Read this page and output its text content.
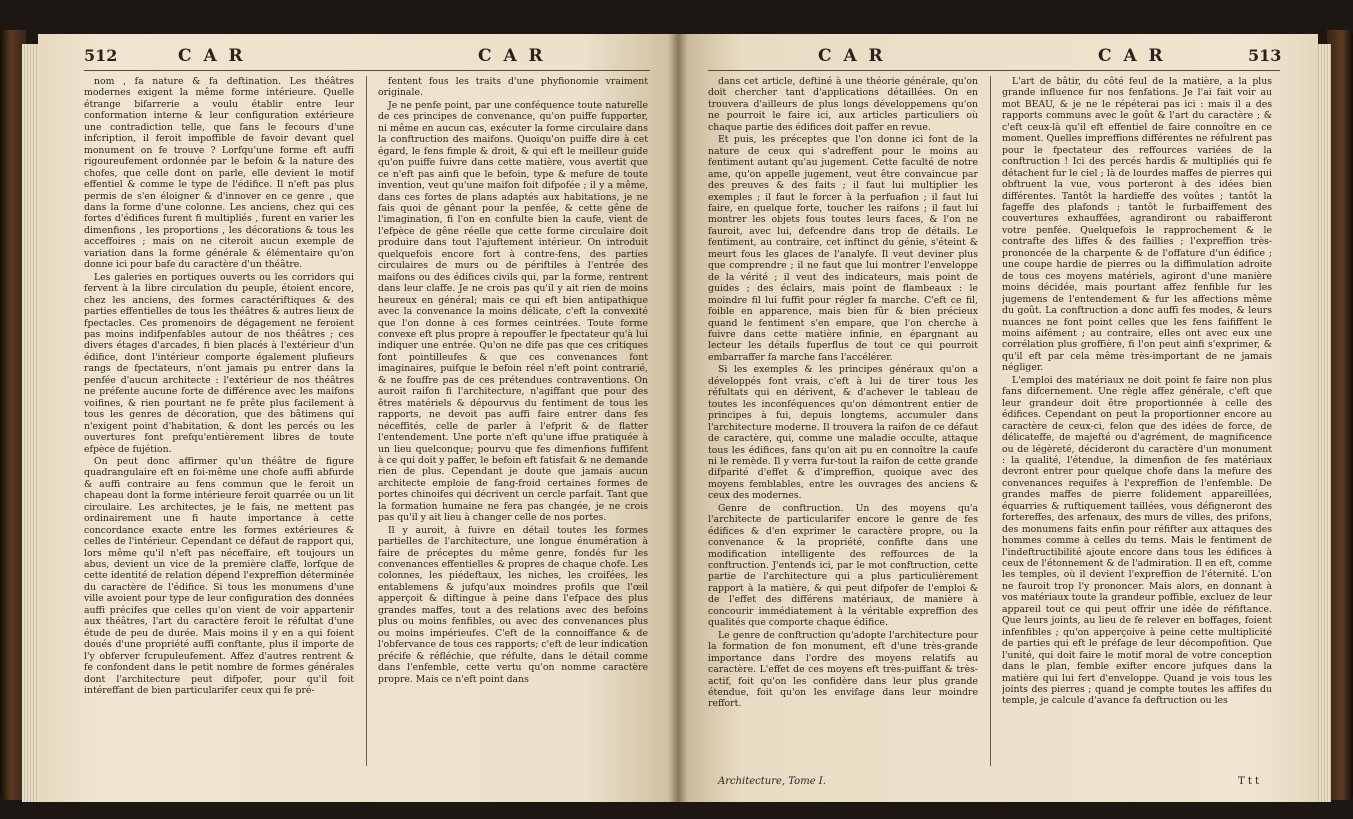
512	C A R	C A R

nom , fa nature & fa deftination. Les théâtres modernes exigent la même forme intérieure. Quelle étrange bifarrerie a voulu établir entre leur conformation interne & leur configuration extérieure une contradiction telle, que fans le fecours d'une infcription, il feroit impoffible de favoir devant quel monument on fe trouve ? Lorfqu'une forme eft auffi rigoureufement ordonnée par le befoin & la nature des chofes, que celle dont on parle, elle devient le motif effentiel & comme le type de l'édifice. Il n'eft pas plus permis de s'en éloigner & d'innover en ce genre , que dans la forme d'une colonne. Les anciens, chez qui ces fortes d'édifices furent fi multipliés , furent en varier les dimenfions , les proportions , les décorations & tous les acceffoires ; mais on ne citeroit aucun exemple de variation dans la forme générale & élémentaire qu'on donne ici pour bafe du caractère d'un théâtre.

Les galeries en portiques ouverts ou les corridors qui fervent à la libre circulation du peuple, étoient encore, chez les anciens, des formes caractériftiques & des parties effentielles de tous les théâtres & autres lieux de fpectacles. Ces promenoirs de dégagement ne feroient pas moins indifpenfables autour de nos théâtres ; ces divers étages d'arcades, fi bien placés à l'extérieur d'un édifice, dont l'intérieur comporte également plufieurs rangs de fpectateurs, n'ont jamais pu entrer dans la penfée d'aucun architecte : l'extérieur de nos théâtres ne préfente aucune forte de différence avec les maifons voifines, & rien pourtant ne fe prête plus facilement à tous les genres de décoration, que des bâtimens qui n'exigent point d'habitation, & dont les percés ou les ouvertures font prefqu'entièrement libres de toute efpèce de fujétion.

On peut donc affirmer qu'un théâtre de figure quadrangulaire eft en foi-même une chofe auffi abfurde & auffi contraire au fens commun que le feroit un chapeau dont la forme intérieure feroit quarrée ou un lit circulaire. Les architectes, je le fais, ne mettent pas ordinairement une fi haute importance à cette concordance exacte entre les formes extérieures & celles de l'intérieur. Cependant ce défaut de rapport qui, lors même qu'il n'eft pas néceffaire, eft toujours un abus, devient un vice de la première claffe, lorfque de cette identité de relation dépend l'expreffion déterminée du caractère de l'édifice. Si tous les monumens d'une ville avoient pour type de leur configuration des données auffi précifes que celles qu'on vient de voir appartenir aux théâtres, l'art du caractère feroit le réfultat d'une étude de peu de durée. Mais moins il y en a qui foient doués d'une propriété auffi conftante, plus il importe de l'y obferver fcrupuleufement. Affez d'autres rentrent & fe confondent dans le petit nombre de formes générales dont l'architecture peut difpofer, pour qu'il foit intéreffant de bien particularifer ceux qui fe pré-

fentent fous les traits d'une phyfionomie vraiment originale.

Je ne penfe point, par une conféquence toute naturelle de ces principes de convenance, qu'on puiffe fupporter, ni même en aucun cas, exécuter la forme circulaire dans la conftruction des maifons. Quoiqu'on puiffe dire à cet égard, le fens fimple & droit, & qui eft le meilleur guide qu'on puiffe fuivre dans cette matière, vous avertit que ce n'eft pas ainfi que le befoin, type & mefure de toute invention, veut qu'une maifon foit difpofée ; il y a même, dans ces fortes de plans adaptés aux habitations, je ne fais quoi de gênant pour la penfée, & cette gêne de l'imagination, fi l'on en confulte bien la caufe, vient de l'efpèce de gêne réelle que cette forme circulaire doit produire dans tout l'ajuftement intérieur. On introduit quelquefois encore fort à contre-fens, des parties circulaires de murs ou de périftiles à l'entrée des maifons ou des édifices civils qui, par la forme, rentrent dans leur claffe. Je ne crois pas qu'il y ait rien de moins heureux en général; mais ce qui eft bien antipathique avec la convenance la moins délicate, c'eft la convexité que l'on donne à ces formes ceintrées. Toute forme convexe eft plus propre à repouffer le fpectateur qu'à lui indiquer une entrée. Qu'on ne dife pas que ces critiques font pointilleufes & que ces convenances font imaginaires, puifque le befoin réel n'eft point contrarié, & ne fouffre pas de ces prétendues contraventions. On auroit raifon fi l'architecture, n'agiffant que pour des êtres matériels & dépourvus du fentiment de tous les rapports, ne devoit pas auffi faire entrer dans fes néceffités, celle de parler à l'efprit & de flatter l'entendement. Une porte n'eft qu'une iffue pratiquée à un lieu quelconque; pourvu que fes dimenfions fuffifent à ce qui doit y paffer, le befoin eft fatisfait & ne demande rien de plus. Cependant je doute que jamais aucun architecte emploie de fang-froid certaines formes de portes chinoifes qui décrivent un cercle parfait. Tant que la formation humaine ne fera pas changée, je ne crois pas qu'il y ait lieu à changer celle de nos portes.

Il y auroit, à fuivre en détail toutes les formes partielles de l'architecture, une longue énumération à faire de préceptes du même genre, fondés fur les convenances effentielles & propres de chaque chofe. Les colonnes, les piédeftaux, les niches, les croifées, les entablemens & jufqu'aux moindres profils que l'œil apperçoit & diftingue à peine dans l'efpace des plus grandes maffes, tout a des relations avec des befoins plus ou moins fenfibles, ou avec des convenances plus ou moins impérieufes. C'eft de la connoiffance & de l'obfervance de tous ces rapports; c'eft de leur indication précife & réfléchie, que réfulte, dans le détail comme dans l'enfemble, cette vertu qu'on nomme caractère propre. Mais ce n'eft point dans

C A R	C A R	513

dans cet article, deftiné à une théorie générale, qu'on doit chercher tant d'applications détaillées. On en trouvera d'ailleurs de plus longs développemens qu'on ne pourroit le faire ici, aux articles particuliers où chaque partie des édifices doit paffer en revue.

Et puis, les préceptes que l'on donne ici font de la nature de ceux qui s'adreffent pour le moins au fentiment autant qu'au jugement. Cette faculté de notre ame, qu'on appelle jugement, veut être convaincue par des preuves & des faits ; il faut lui multiplier les exemples ; il faut le forcer à la perfuafion ; il faut lui faire, en quelque forte, toucher les raifons ; il faut lui montrer les objets fous toutes leurs faces, & l'on ne fauroit, avec lui, defcendre dans trop de détails. Le fentiment, au contraire, cet inftinct du génie, s'éteint & meurt fous les glaces de l'analyfe. Il veut deviner plus que comprendre ; il ne faut que lui montrer l'enveloppe de la vérité ; il veut des indicateurs, mais point de guides ; des éclairs, mais point de flambeaux : le moindre fil lui fuffit pour régler fa marche. C'eft ce fil, foible en apparence, mais bien fûr & bien précieux quand le fentiment s'en empare, que l'on cherche à fuivre dans cette matière infinie, en épargnant au lecteur les détails fuperflus de tout ce qui pourroit embarraffer fa marche fans l'accélérer.

Si les exemples & les principes généraux qu'on a développés font vrais, c'eft à lui de tirer tous les réfultats qui en dérivent, & d'achever le tableau de toutes les inconféquences qu'on démontrent entier de principes à fui, depuis longtems, accumuler dans l'architecture moderne. Il trouvera la raifon de ce défaut de caractère, qui, comme une maladie occulte, attaque tous les édifices, fans qu'on ait pu en connoître la caufe ni le remède. Il y verra fur-tout la raifon de cette grande difparité d'effet & d'impreffion, quoique avec des moyens femblables, entre les ouvrages des anciens & ceux des modernes.

Genre de conftruction. Un des moyens qu'a l'architecte de particularifer encore le genre de fes édifices & d'en exprimer le caractère propre, ou la convenance & la propriété, confifte dans une modification intelligente des reffources de la conftruction. J'entends ici, par le mot conftruction, cette partie de l'architecture qui a plus particulièrement rapport à la matière, & qui peut difpofer de l'emploi & de l'effet des différens matériaux, de manière à concourir immédiatement à la véritable expreffion des qualités que comporte chaque édifice.

Le genre de conftruction qu'adopte l'architecture pour la formation de fon monument, eft d'une très-grande importance dans l'ordre des moyens relatifs au caractère. L'effet de ces moyens eft très-puiffant & très-actif, foit qu'on les confidère dans leur plus grande étendue, foit qu'on les envifage dans leur moindre reffort.

L'art de bâtir, du côté feul de la matière, a la plus grande influence fur nos fenfations. Je l'ai fait voir au mot BEAU, & je ne le répéterai pas ici : mais il a des rapports communs avec le goût & l'art du caractère ; & c'eft ceux-là qu'il eft effentiel de faire connoître en ce moment. Quelles impreffions différentes ne réfulrent pas pour le fpectateur des reffources variées de la conftruction ! Ici des percés hardis & multipliés qui fe détachent fur le ciel ; là de lourdes maffes de pierres qui obftruent la vue, vous porteront à des idées bien différentes. Tantôt la hardieffe des voûtes ; tantôt la fageffe des plafonds ; tantôt le furbaiffement des couvertures exhauffées, agrandiront ou rabaifferont votre penfée. Quelquefois le rapprochement & le contrafte des liffes & des faillies ; l'expreffion très-prononcée de la charpente & de l'offature d'un édifice ; une coupe hardie de pierres ou la diffimulation adroite de tous ces moyens matériels, agiront d'une manière moins décidée, mais pourtant affez fenfible fur les jugemens de l'entendement & fur les affections même du goût. La conftruction a donc auffi fes modes, & leurs nuances ne font point celles que les fens faififfent le moins aifément ; au contraire, elles ont avec eux une corrélation plus groffière, fi l'on peut ainfi s'exprimer, & qu'il eft par cela même très-important de ne jamais négliger.

L'emploi des matériaux ne doit point fe faire non plus fans difcernement. Une règle affez générale, c'eft que leur grandeur doit être proportionnée à celle des édifices. Cependant on peut la proportionner encore au caractère de ceux-ci, felon que des idées de force, de délicateffe, de majefté ou d'agrément, de magnificence ou de légèreté, décideront du caractère d'un monument : la qualité, l'étendue, la dimenfion de fes matériaux devront entrer pour quelque chofe dans la mefure des convenances requifes à l'expreffion de l'enfemble. De grandes maffes de pierre folidement appareillées, équarries & ruftiquement taillées, vous défigneront des fortereffes, des arfenaux, des murs de villes, des prifons, des monumens faits enfin pour réfifter aux attaques des hommes comme à celles du tems. Mais le fentiment de l'indeftructibilité ajoute encore dans tous les édifices à ceux de l'étonnement & de l'admiration. Il en eft, comme les temples, où il devient l'expreffion de l'éternité. L'on ne fauroit trop l'y prononcer. Mais alors, en donnant à vos matériaux toute la grandeur poffible, excluez de leur appareil tout ce qui peut offrir une idée de réfiftance. Que leurs joints, au lieu de fe relever en boffages, foient infenfibles ; qu'on apperçoive à peine cette multiplicité de parties qui eft le préfage de leur décompofition. Que l'unité, qui doit faire le motif moral de votre conception dans le plan, femble exifter encore jufques dans la matière qui lui fert d'enveloppe. Quand je vois tous les joints des pierres ; quand je compte toutes les affifes du temple, je calcule d'avance fa deftruction ou les

Architecture, Tome I.	T t t
